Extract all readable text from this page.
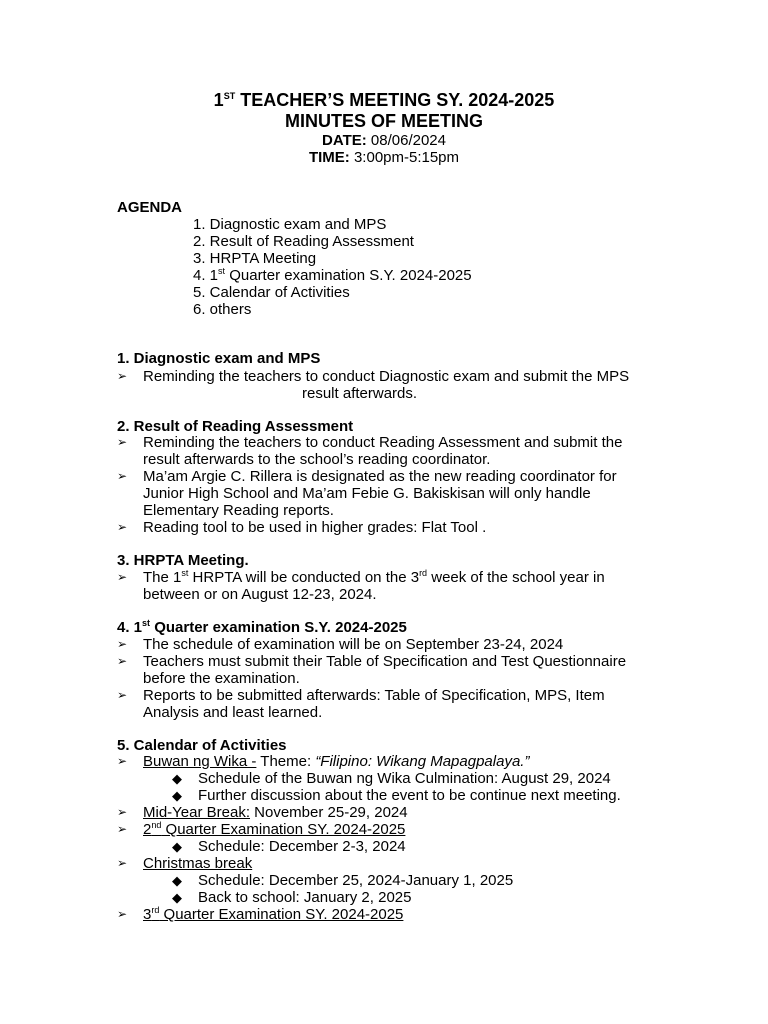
1ST TEACHER’S MEETING SY. 2024-2025
MINUTES OF MEETING
DATE: 08/06/2024
TIME: 3:00pm-5:15pm
AGENDA
1. Diagnostic exam and MPS
2. Result of Reading Assessment
3. HRPTA Meeting
4. 1st Quarter examination S.Y. 2024-2025
5. Calendar of Activities
6. others
1. Diagnostic exam and MPS
➢ Reminding the teachers to conduct Diagnostic exam and submit the MPS
result afterwards.
2. Result of Reading Assessment
➢ Reminding the teachers to conduct Reading Assessment and submit the
result afterwards to the school’s reading coordinator.
➢ Ma’am Argie C. Rillera is designated as the new reading coordinator for
Junior High School and Ma’am Febie G. Bakiskisan will only handle
Elementary Reading reports.
➢ Reading tool to be used in higher grades: Flat Tool .
3. HRPTA Meeting.
➢ The 1st HRPTA will be conducted on the 3rd week of the school year in
between or on August 12-23, 2024.
4. 1st Quarter examination S.Y. 2024-2025
➢ The schedule of examination will be on September 23-24, 2024
➢ Teachers must submit their Table of Specification and Test Questionnaire
before the examination.
➢ Reports to be submitted afterwards: Table of Specification, MPS, Item
Analysis and least learned.
5. Calendar of Activities
➢ Buwan ng Wika - Theme: “Filipino: Wikang Mapagpalaya.”
◆ Schedule of the Buwan ng Wika Culmination: August 29, 2024
◆ Further discussion about the event to be continue next meeting.
➢ Mid-Year Break: November 25-29, 2024
➢ 2nd Quarter Examination SY. 2024-2025
◆ Schedule: December 2-3, 2024
➢ Christmas break
◆ Schedule: December 25, 2024-January 1, 2025
◆ Back to school: January 2, 2025
➢ 3rd Quarter Examination SY. 2024-2025
